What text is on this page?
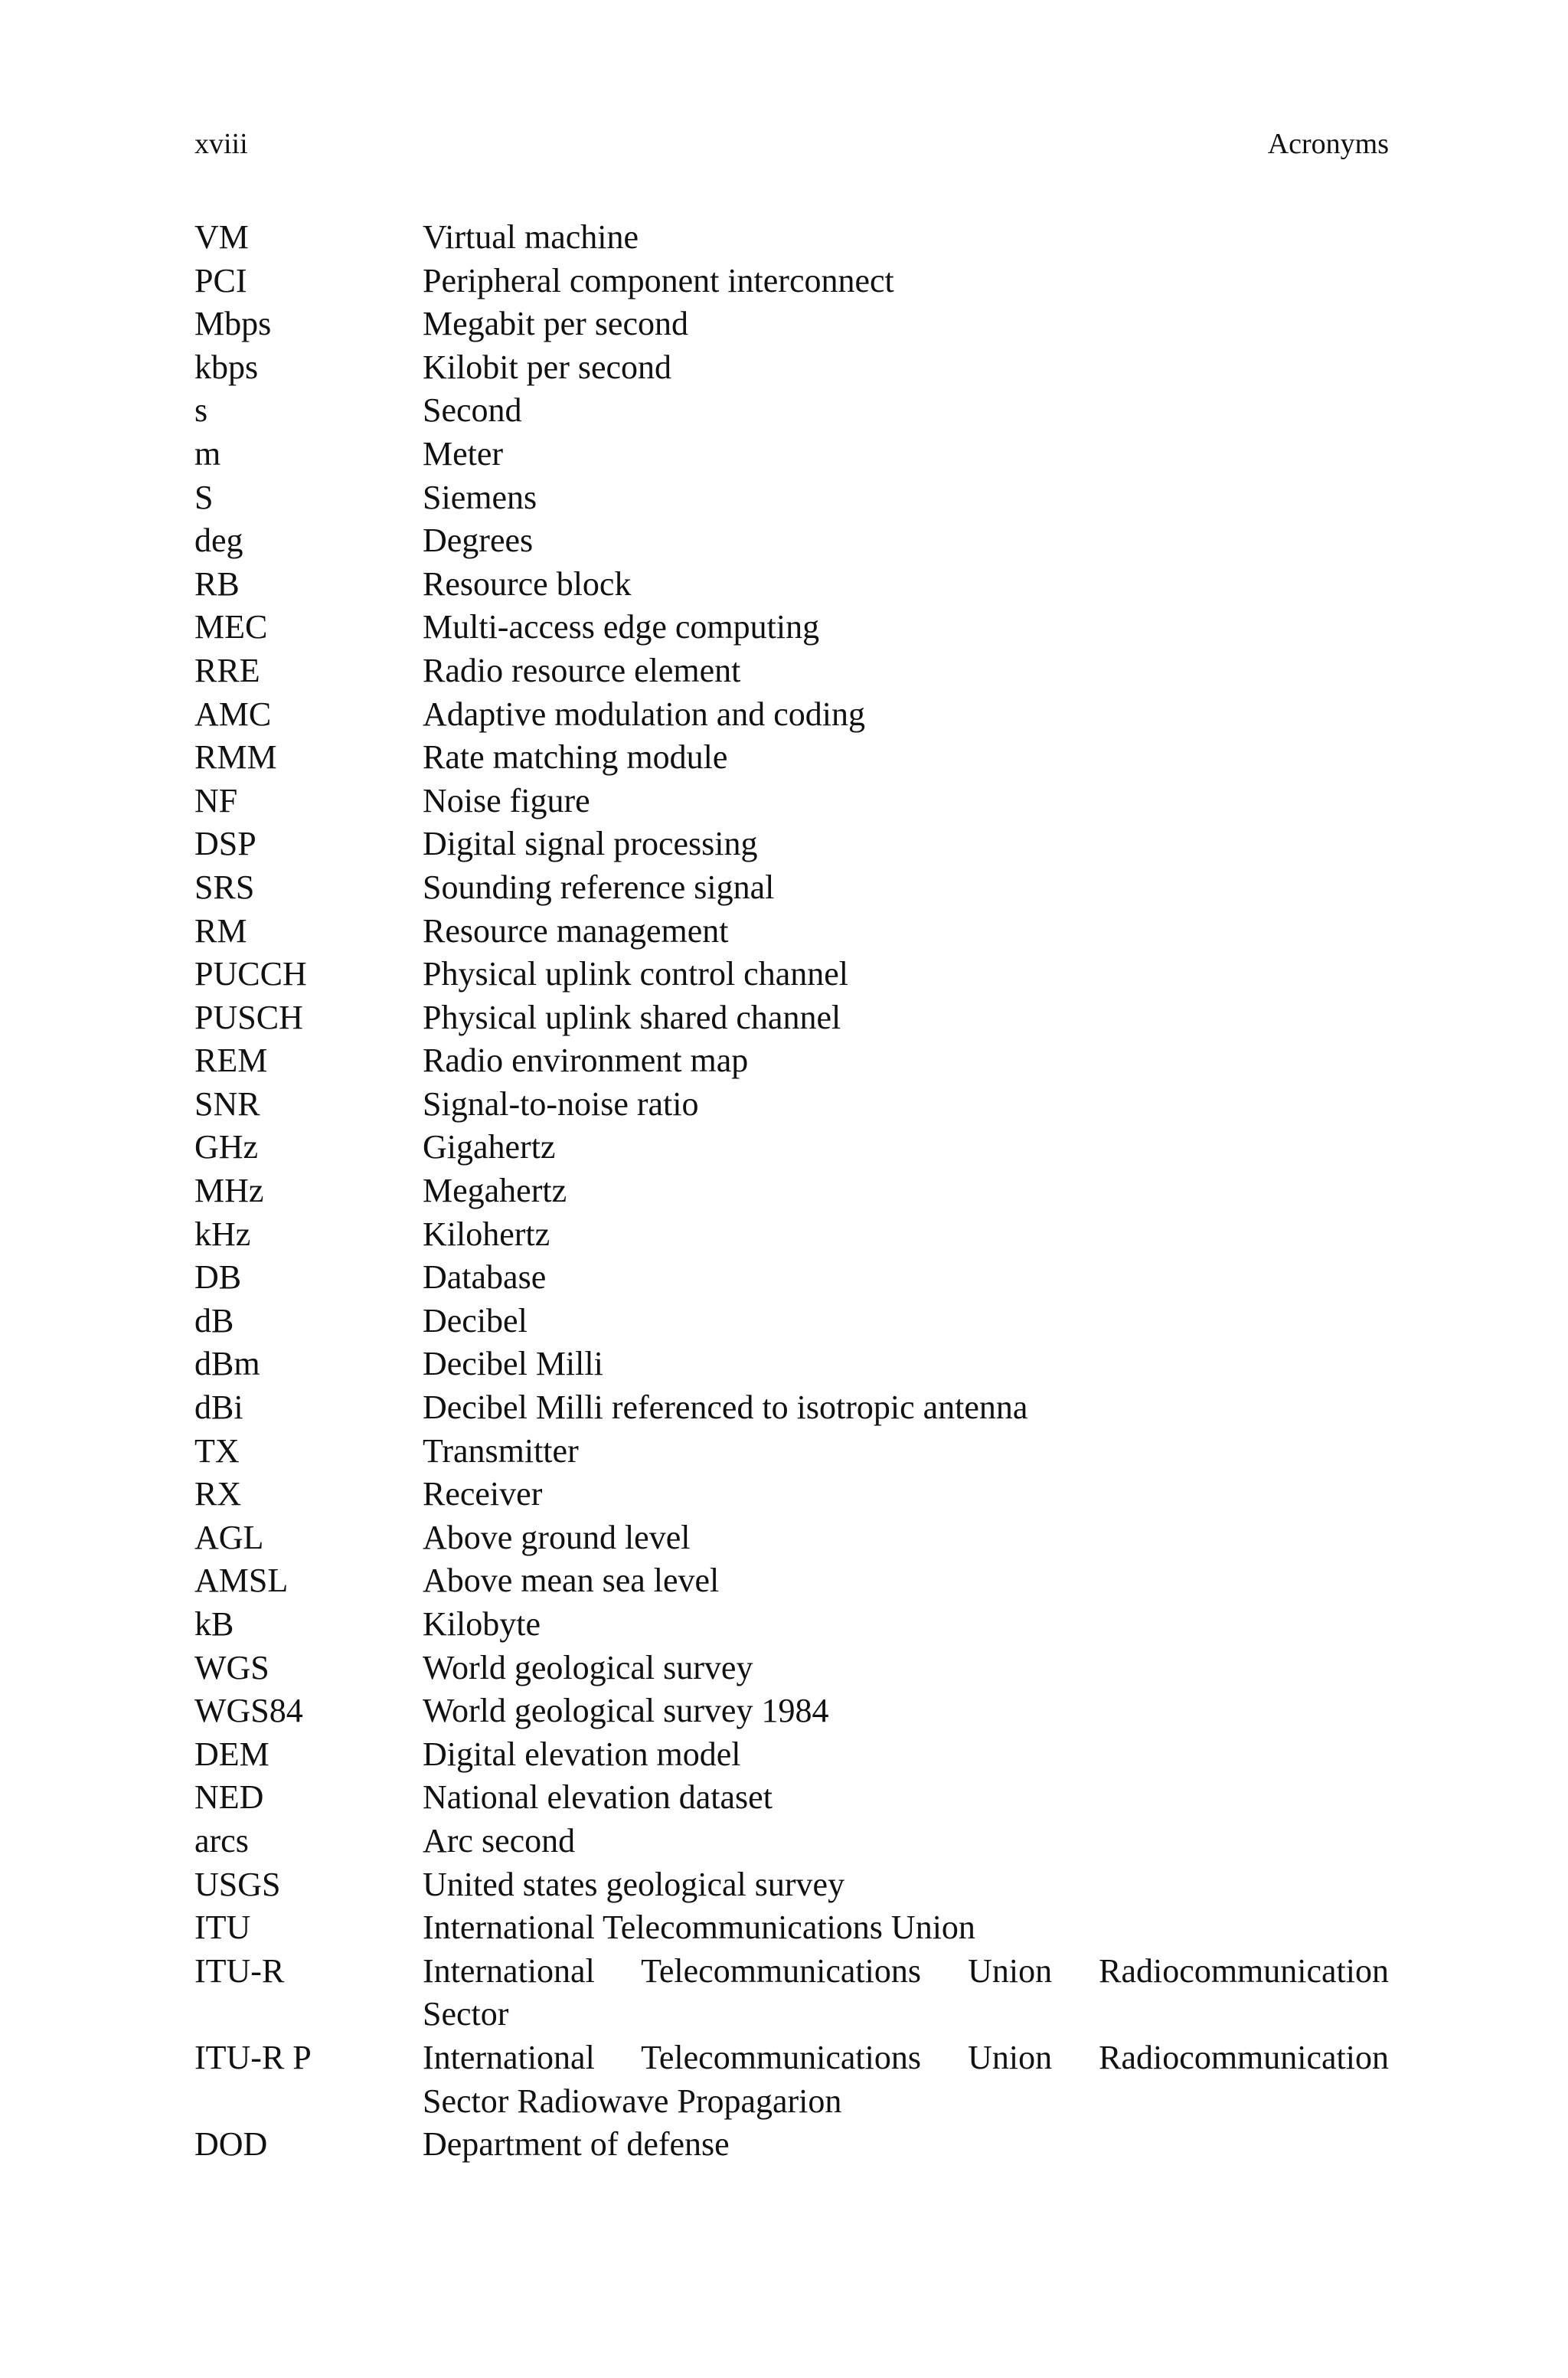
xviii	Acronyms
VM	Virtual machine
PCI	Peripheral component interconnect
Mbps	Megabit per second
kbps	Kilobit per second
s	Second
m	Meter
S	Siemens
deg	Degrees
RB	Resource block
MEC	Multi-access edge computing
RRE	Radio resource element
AMC	Adaptive modulation and coding
RMM	Rate matching module
NF	Noise figure
DSP	Digital signal processing
SRS	Sounding reference signal
RM	Resource management
PUCCH	Physical uplink control channel
PUSCH	Physical uplink shared channel
REM	Radio environment map
SNR	Signal-to-noise ratio
GHz	Gigahertz
MHz	Megahertz
kHz	Kilohertz
DB	Database
dB	Decibel
dBm	Decibel Milli
dBi	Decibel Milli referenced to isotropic antenna
TX	Transmitter
RX	Receiver
AGL	Above ground level
AMSL	Above mean sea level
kB	Kilobyte
WGS	World geological survey
WGS84	World geological survey 1984
DEM	Digital elevation model
NED	National elevation dataset
arcs	Arc second
USGS	United states geological survey
ITU	International Telecommunications Union
ITU-R	International Telecommunications Union Radiocommunication
Sector
ITU-R P	International Telecommunications Union Radiocommunication
Sector Radiowave Propagarion
DOD	Department of defense
